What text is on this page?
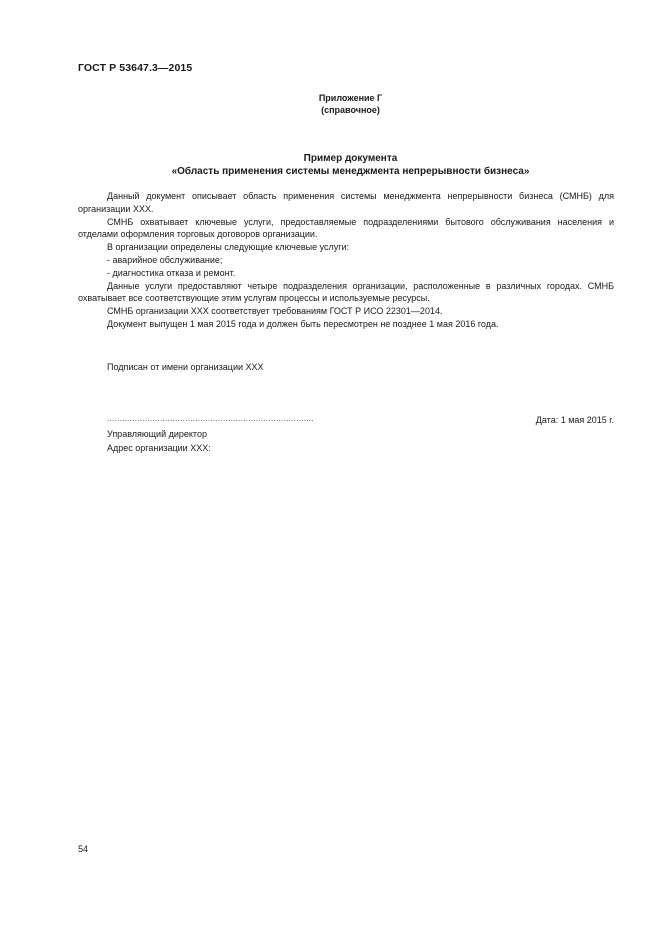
ГОСТ Р 53647.3—2015
Приложение Г
(справочное)
Пример документа
«Область применения системы менеджмента непрерывности бизнеса»

Данный документ описывает область применения системы менеджмента непрерывности бизнеса (СМНБ) для организации XXX.

СМНБ охватывает ключевые услуги, предоставляемые подразделениями бытового обслуживания населения и отделами оформления торговых договоров организации.

В организации определены следующие ключевые услуги:

- аварийное обслуживание;

- диагностика отказа и ремонт.

Данные услуги предоставляют четыре подразделения организации, расположенные в различных городах. СМНБ охватывает все соответствующие этим услугам процессы и используемые ресурсы.

СМНБ организации XXX соответствует требованиям ГОСТ Р ИСО 22301—2014.

Документ выпущен 1 мая 2015 года и должен быть пересмотрен не позднее 1 мая 2016 года.

Подписан от имени организации XXX
..................................................................................	Дата: 1 мая 2015 г.
Управляющий директор
Адрес организации XXX:
54
